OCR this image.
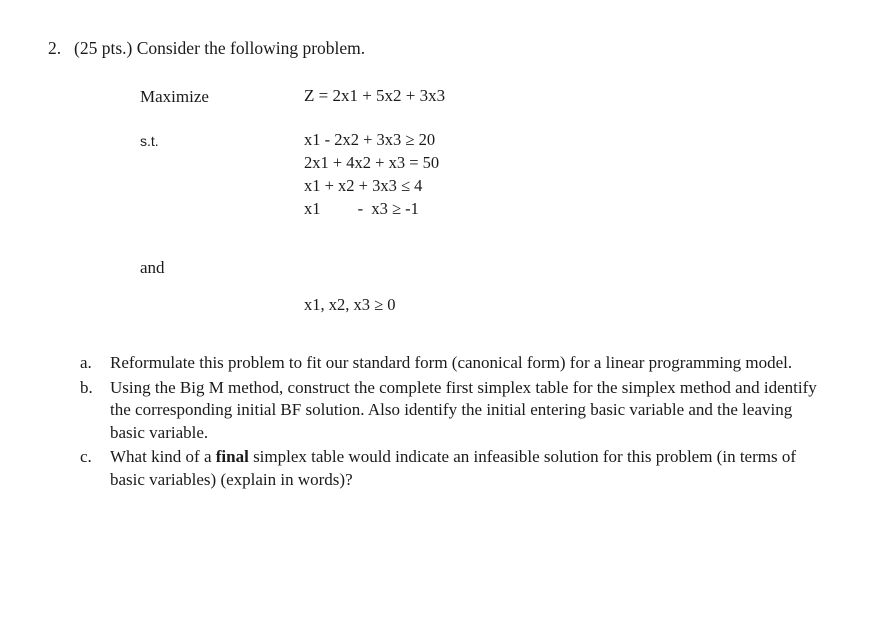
2. (25 pts.) Consider the following problem.
Maximize	Z = 2x1 + 5x2 + 3x3
s.t.	x1 - 2x2 + 3x3 ≥ 20
2x1 + 4x2 + x3 = 50
x1 + x2 + 3x3 ≤ 4
x1         -  x3 ≥ -1
and
x1, x2, x3 ≥ 0
a.	Reformulate this problem to fit our standard form (canonical form) for a linear programming model.
b.	Using the Big M method, construct the complete first simplex table for the simplex method and identify the corresponding initial BF solution. Also identify the initial entering basic variable and the leaving basic variable.
c.	What kind of a final simplex table would indicate an infeasible solution for this problem (in terms of basic variables) (explain in words)?
